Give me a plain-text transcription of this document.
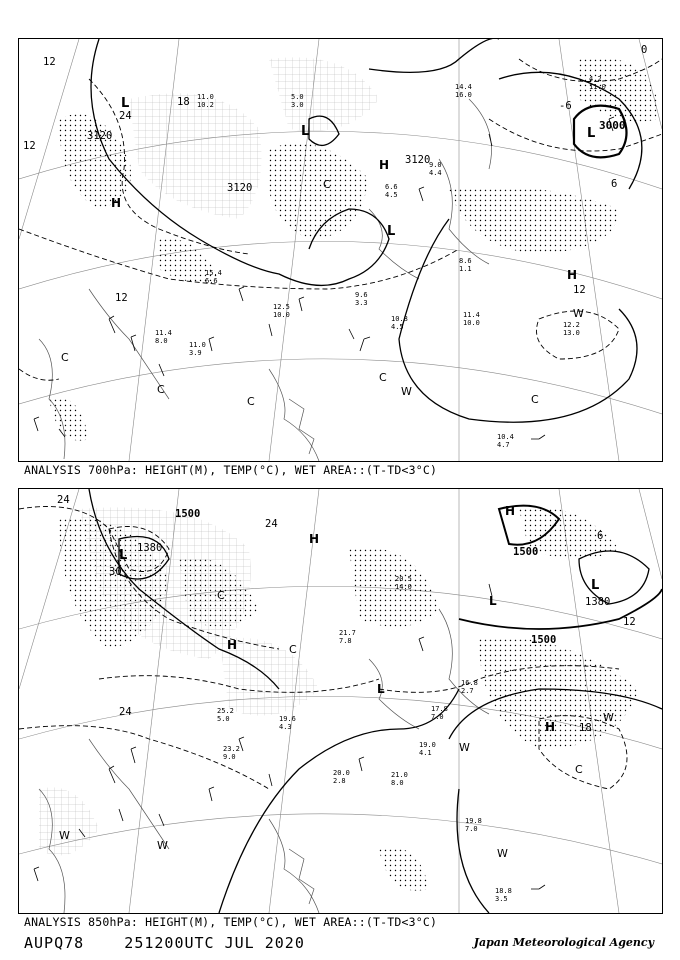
L
L	L
L
H
H
H
C
C
C
C
C
C
W
W
3120
3120
3120
3000
12
24
18
12
12
12
0
-6
6
11.0
10.2
5.0
3.0
14.4
16.0
9.0
4.4
6.6
4.5
9.6
3.3
10.8
4.5
11.4
10.0	12.2
13.0
11.4
8.0	11.0
3.9
10.4
4.7
15.4
6.6
12.5
10.0
8.6
1.1
4.2
11.0
ANALYSIS 700hPa: HEIGHT(M), TEMP(°C), WET AREA::(T-TD<3°C)
L
L
L
L
H
H
H
H
C
C
C
W
W
W
W
W
1500
1380	1500
1380
1500
24
30
24
24
12
18
6
20.5
14.0
21.0
8.0
19.0
4.1
17.8
7.0
19.8
7.0
18.8
3.5
25.2
5.0
23.2
9.0
20.0
2.8
19.6
4.3
21.7
7.8
16.8
2.7
ANALYSIS 850hPa: HEIGHT(M), TEMP(°C), WET AREA::(T-TD<3°C)
AUPQ78    251200UTC JUL 2020	Japan Meteorological Agency
